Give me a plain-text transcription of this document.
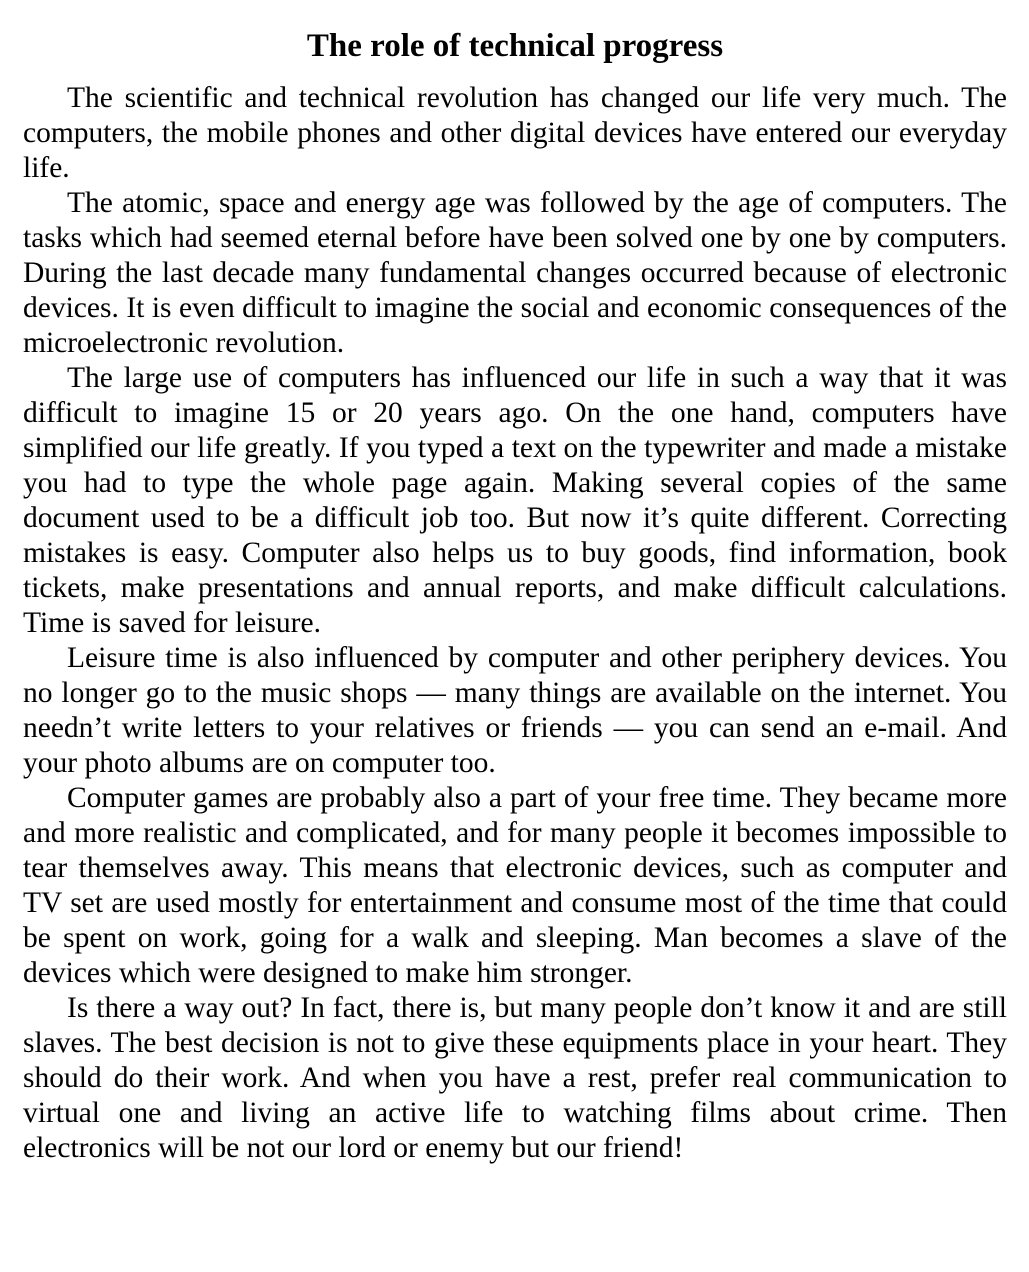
The role of technical progress

The scientific and technical revolution has changed our life very much. The computers, the mobile phones and other digital devices have entered our everyday life.

The atomic, space and energy age was followed by the age of computers. The tasks which had seemed eternal before have been solved one by one by computers. During the last decade many fundamental changes occurred because of electronic devices. It is even difficult to imagine the social and economic consequences of the microelectronic revolution.

The large use of computers has influenced our life in such a way that it was difficult to imagine 15 or 20 years ago. On the one hand, computers have simplified our life greatly. If you typed a text on the typewriter and made a mistake you had to type the whole page again. Making several copies of the same document used to be a difficult job too. But now it’s quite different. Correcting mistakes is easy. Computer also helps us to buy goods, find information, book tickets, make presentations and annual reports, and make difficult calculations. Time is saved for leisure.

Leisure time is also influenced by computer and other periphery devices. You no longer go to the music shops — many things are available on the internet. You needn’t write letters to your relatives or friends — you can send an e-mail. And your photo albums are on computer too.

Computer games are probably also a part of your free time. They became more and more realistic and complicated, and for many people it becomes impossible to tear themselves away. This means that electronic devices, such as computer and TV set are used mostly for entertainment and consume most of the time that could be spent on work, going for a walk and sleeping. Man becomes a slave of the devices which were designed to make him stronger.

Is there a way out? In fact, there is, but many people don’t know it and are still slaves. The best decision is not to give these equipments place in your heart. They should do their work. And when you have a rest, prefer real communication to virtual one and living an active life to watching films about crime. Then electronics will be not our lord or enemy but our friend!
